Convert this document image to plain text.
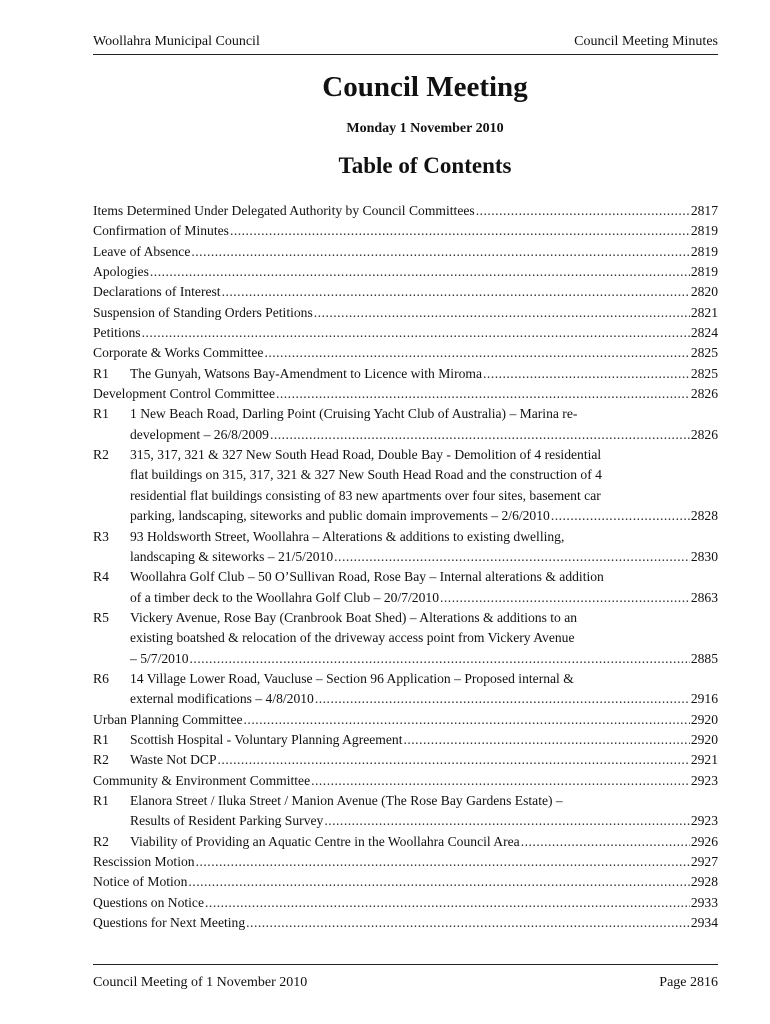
Woollahra Municipal Council	Council Meeting Minutes
Council Meeting
Monday 1 November 2010
Table of Contents
Items Determined Under Delegated Authority by Council Committees .....	2817
Confirmation of Minutes .....	2819
Leave of Absence .....	2819
Apologies .....	2819
Declarations of Interest .....	2820
Suspension of Standing Orders Petitions .....	2821
Petitions .....	2824
Corporate & Works Committee .....	2825
R1 The Gunyah, Watsons Bay-Amendment to Licence with Miroma .....	2825
Development Control Committee .....	2826
R1 1 New Beach Road, Darling Point (Cruising Yacht Club of Australia) – Marina re-
development – 26/8/2009 .....	2826
R2 315, 317, 321 & 327 New South Head Road, Double Bay - Demolition of 4 residential
flat buildings on 315, 317, 321 & 327 New South Head Road and the construction of 4
residential flat buildings consisting of 83 new apartments over four sites, basement car
parking, landscaping, siteworks and public domain improvements – 2/6/2010 .....	2828
R3 93 Holdsworth Street, Woollahra – Alterations & additions to existing dwelling,
landscaping & siteworks – 21/5/2010 .....	2830
R4 Woollahra Golf Club – 50 O’Sullivan Road, Rose Bay – Internal alterations & addition
of a timber deck to the Woollahra Golf Club – 20/7/2010 .....	2863
R5 Vickery Avenue, Rose Bay (Cranbrook Boat Shed) – Alterations & additions to an
existing boatshed & relocation of the driveway access point from Vickery Avenue
– 5/7/2010 .....	2885
R6 14 Village Lower Road, Vaucluse – Section 96 Application – Proposed internal &
external modifications – 4/8/2010 .....	2916
Urban Planning Committee .....	2920
R1 Scottish Hospital - Voluntary Planning Agreement .....	2920
R2 Waste Not DCP .....	2921
Community & Environment Committee .....	2923
R1 Elanora Street / Iluka Street / Manion Avenue (The Rose Bay Gardens Estate) –
Results of Resident Parking Survey .....	2923
R2 Viability of Providing an Aquatic Centre in the Woollahra Council Area .....	2926
Rescission Motion .....	2927
Notice of Motion .....	2928
Questions on Notice .....	2933
Questions for Next Meeting .....	2934
Council Meeting of 1 November 2010	Page 2816
